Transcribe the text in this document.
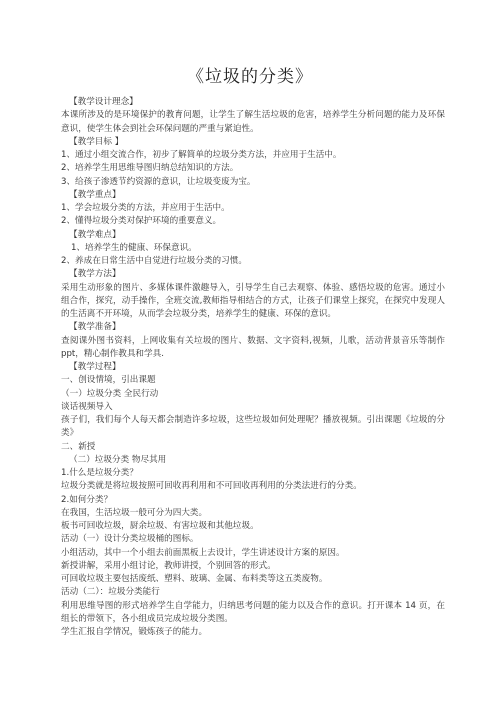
《垃圾的分类》
【教学设计理念】
本课所涉及的是环境保护的教育问题，让学生了解生活垃圾的危害，培养学生分析问题的能力及环保意识，使学生体会到社会环保问题的严重与紧迫性。
【教学目标 】
1、通过小组交流合作，初步了解简单的垃圾分类方法，并应用于生活中。
2、培养学生用思维导图归纳总结知识的方法。
3、给孩子渗透节约资源的意识，让垃圾变废为宝。
【教学重点】
1、学会垃圾分类的方法，并应用于生活中。
2、懂得垃圾分类对保护环境的重要意义。
【教学难点】
1、培养学生的健康、环保意识。
2、养成在日常生活中自觉进行垃圾分类的习惯。
【教学方法】
采用生动形象的图片、多媒体课件激趣导入，引导学生自己去观察、体验、感悟垃圾的危害。通过小组合作，探究，动手操作，全班交流,教师指导相结合的方式，让孩子们课堂上探究，在探究中发现人的生活离不开环境，从而学会垃圾分类，培养学生的健康、环保的意识。
【教学准备】
查阅课外图书资料，上网收集有关垃圾的图片、数据、文字资料,视频，儿歌，活动背景音乐等制作 ppt，精心制作教具和学具.
【教学过程】
一、创设情境，引出课题
（一）垃圾分类 全民行动
谈话视频导入
孩子们，我们每个人每天都会制造许多垃圾，这些垃圾如何处理呢？播放视频。引出课题《垃圾的分类》
二、新授
（二）垃圾分类 物尽其用
1.什么是垃圾分类？
垃圾分类就是将垃圾按照可回收再利用和不可回收再利用的分类法进行的分类。
2.如何分类？
在我国，生活垃圾一般可分为四大类。
板书可回收垃圾，厨余垃圾、有害垃圾和其他垃圾。
活动（一）设计分类垃圾桶的图标。
小组活动，其中一个小组去前面黑板上去设计，学生讲述设计方案的原因。
新授讲解，采用小组讨论，教师讲授，个别回答的形式。
可回收垃圾主要包括废纸、塑料、玻璃、金属、布料类等这五类废物。
活动（二）：垃圾分类能行
利用思维导图的形式培养学生自学能力，归纳思考问题的能力以及合作的意识。打开课本 14 页，在组长的带领下，各小组成员完成垃圾分类图。
学生汇报自学情况，锻炼孩子的能力。
